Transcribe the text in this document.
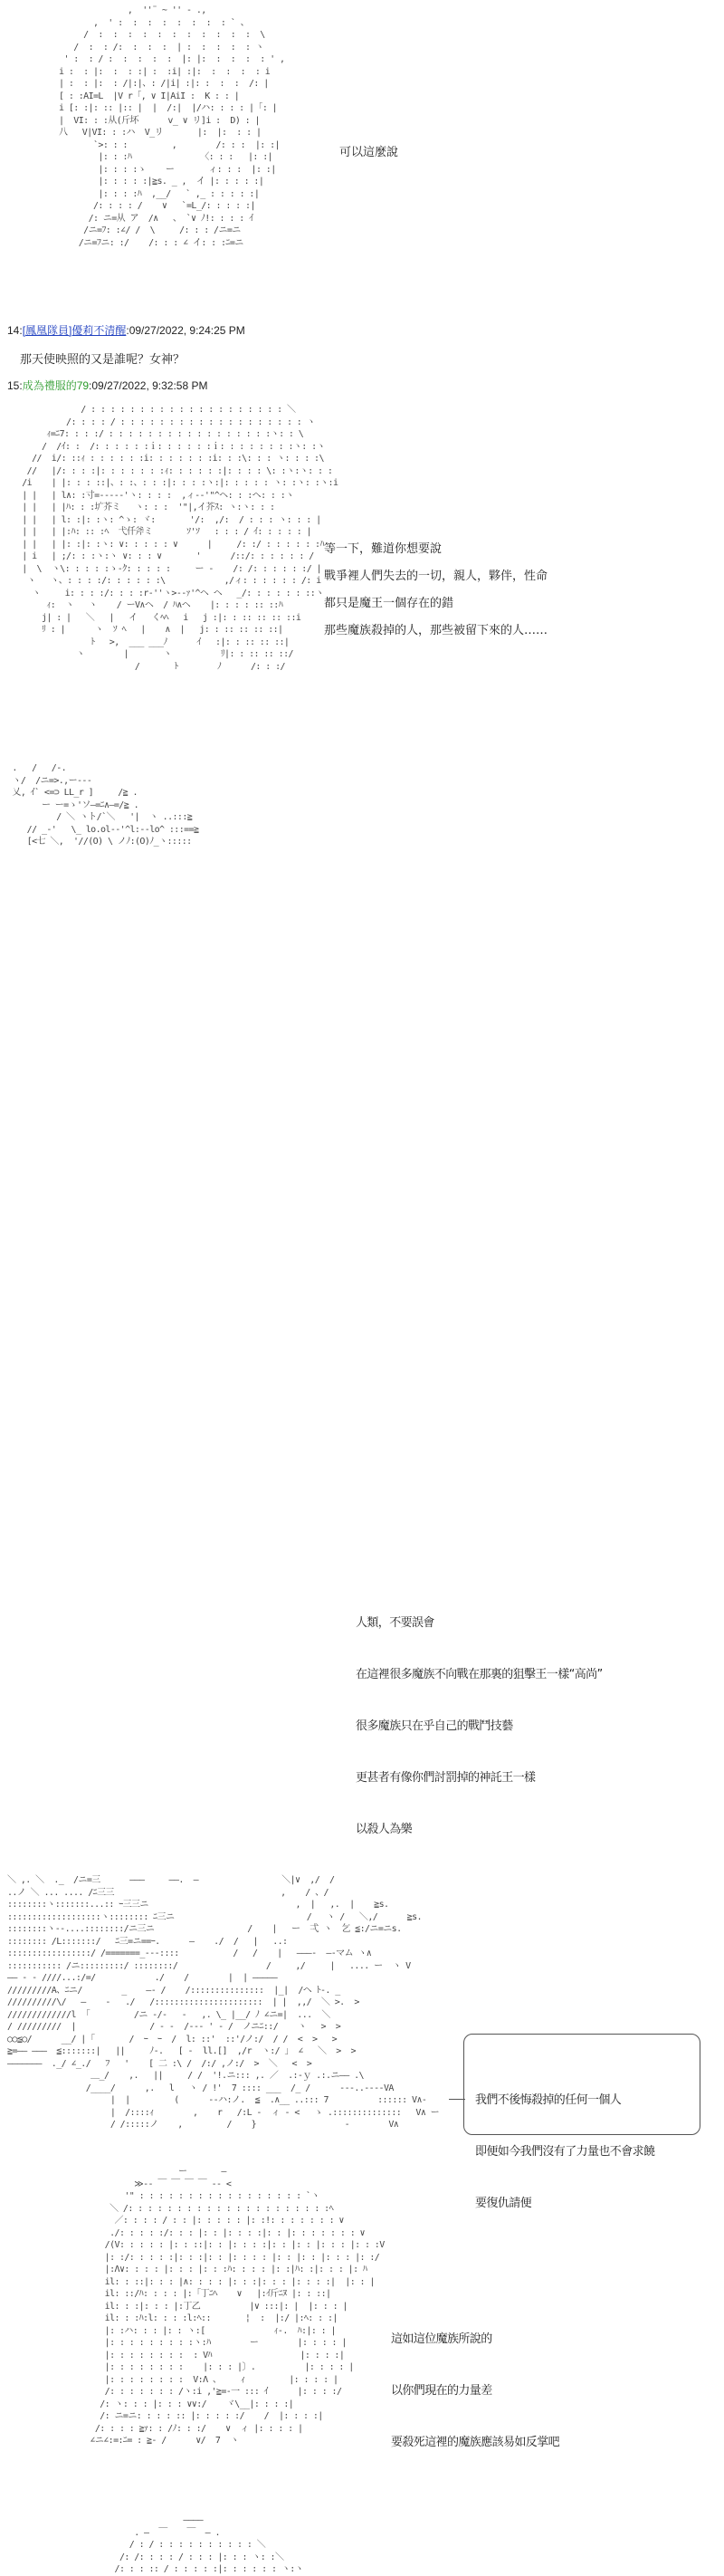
,  ''¨ ~ '' - .,
,  ' :  :  :  :  :  :  :  : ` 、
/  :  :  :  :  :  :  :  :  :  :  :  \
/  :  : /:  :  :  :  | :  :  :  :  : ヽ
' :  : / :  :  :  :  :  |: |:  :  :  :  : ' ,
i :  : |:  :  : :| :  :i| :|:  :  :  :  : i
| :  : |:  : /|:|、: /|i| :|: :  :  :  /: |
[ : :AI=L  |V r「, ∨ I|AiI :  K : : |
i [: :|: :: |:: |  |  /:|  |/ハ: : : : |「: |
|  VI: : :从(斤坏      v_ ∨ リ]i :  D) : |
八   V|VI: : :ハ  V_リ       |:  |:  : : |
`>: : :         ,        /: : :  |: :|
|: : :ﾊ              〈: : :   |: :|
|: : : :ゝ    ー       ィ: : :  |: :|
|: : : : :|≧s. _ ,  イ |: : : : :|
|: : : :ﾊ  ,__/   ` ,_ : : : : :|
/: : : : /    ∨   `=L_/: : : : :|
/: ニ=从 ア  /∧   、 `∨ ﾉ!: : : : ｲ
/ニ=ﾌ: :∠/ /  \     /: : : /ニ=ニ
/ニ=ﾌニ: :/    /: : : ∠ イ: : :ﾆ=ニ
可以這麼說
14:[鳳凰隊員]優莉不清醒:09/27/2022, 9:24:25 PM
那天使映照的又是誰呢？女神？
15:成為禮服的79:09/27/2022, 9:32:58 PM
/ : : : : : : : : : : : : : : : : : : : : ＼
/: : : : / : : : : : : : : : : : : : : : : : : : ヽ
ｨ=ﾆ7: : : :/ : : : : : : : : : : : : : : : : :ヽ: : \
/  /ｲ: :  /: : : : : :ｉ: : : : : :ｉ: : : : : : : :ヽ: :ヽ
//  i/: ::ｨ : : : : : :i: : : : : : :i: : :\: : : ヽ: : : :\
//   |/: : : :|: : : : : : :ｨ: : : : : :|: : : : \: :ヽ:ヽ: : :
/i    | |: : : ::|、: :、: : :|: : : :ヽ:|: : : : : ヽ: :ヽ: :ヽ:i
| |   | l∧: :寸=---‐‐'ヽ: : : :  ,ィ‐‐'"^ヘ: : :ヘ: : :ヽ
| |   | |ﾊ: : :圹芥ミ   ヽ: : :  '"|,イ芥ｽ: ヽ:ヽ: : :
| |   | l: :|: :ヽ: ^ゝ: ヾ:       '/:  ,/:  / : : : ヽ: : : |
| |   | |:ﾊ: :: :ﾍ  弋仟斧ミ       ｿ'ｿ   : : : / ｲ: : : : : |
| |   | |: :|: :ヽ: ∨: : : : : ∨      |     /: :/ : : : : : :ﾊ
| i   | ;/: : :ヽ:ヽ ∨: : : ∨       '      /::/: : : : : : /
|  \  ヽ\: : : : :ゝ-ｸ: : : : :     ー ‐    /: /: : : : : :/ |
ヽ   ヽ、: : : :/: : : : : :\            ,/ィ: : : : : : /: i
ヽ     i: : : :/: : : :r‐''ヽ>--ｧ'^ヘ ヘ   _/: : : : : : ::ヽ
ｨ:  ヽ   ヽ    / ーV∧ヘ  / ﾊ∧ヘ    |: : : : :: ::ﾊ
j| : |   ＼   |   イ   くﾍﾍ   i   j :|: : :: :: :: ::i
ﾘ : |      ヽ  ｿ ﾍ   |    ∧  |   j: : :: :: :: ::|
ﾄ   >,  ___ ___ﾉ      ｲ   :|: : :: :: ::|
ヽ        |       ヽ          ﾘ|: : :: :: ::/
/       ﾄ        ﾉ      /: : :/
等一下，難道你想要說
戰爭裡人們失去的一切，親人，夥伴，性命
都只是魔王一個存在的錯
那些魔族殺掉的人，那些被留下來的人……
.   /   /-.
ヽ/  /ニ=>.,ー‐‐-
乂, ｲ` <=⊃ LL_r ]     /≧ .
ー ー=ゝ'ソ―=ﾆ∧―=/≧ .
/ ＼ ヽト/`＼   '|  ヽ ..:::≧
// _-'   \_ lo.ol--'^l:--lo^ :::==≧
[<七 ＼,  '//(O) \ ノﾉ:(O)ﾉ_ヽ:::::

人類，不要誤會

在這裡很多魔族不向戰在那裏的狙擊王一樣“高尚”

很多魔族只在乎自己的戰鬥技藝

更甚者有像你們討罰掉的神託王一樣

以殺人為樂

＼ ,. ＼  ._  /ニ=三      ―――     ――.  ―                 ＼|∨  ,/  /
..ノ ＼ ... .... /ﾆ三三                                  ,    / 、/
::::::::ヽ:::::::...:: ｰ三三ニ                              ,  |   ,.  |    ≧s.
:::::::::::::::::::ヽ:::::::: ﾆ三ニ                           /   ヽ /   ＼,/      ≧s.
::::::::ヽ--....::::::::/ニ三ニ                   /    |   ー  弌 ヽ  乞 ≦:/ニ=ニs.
:::::::: /L:::::::/   ﾆ三=ニ==ｰ.      ―    ./  /   |   ..:
:::::::::::::::::/ /=======_---::::           /   /    |   ―――‐  ―‐マム ヽ∧
::::::::::: /ニ:::::::::/ ::::::::/                  /     ,/     |   .... ー  ヽ V
―― ‐ ‐ ////...:/=/            ./    /        |  | ―――――
/////////A、ﾆニ/        _    ―‐ /    /:::::::::::::::  |_|  /ヘ ﾄ-. _
//////////\/   ―    ‐   ./   /::::::::::::::::::::::  | |  ,,/  ＼ >.  >
/////////////l  ｢         /ニ ‐/-   ‐   ,. \_ |__/ ﾉ ∠ニ=|  ...  ＼
/ /////////  |               / - -  /--- ' ‐ /  ノニﾆ::/    ヽ   >  >
○○≦○/      __/ | ｢       /  ｰ  ｰ  /  l: ::'  ::'/ノ:/  / /  <  >   >
≧=―― ―――  ≦:::::::|   ||     ﾉ-.   [ -  ll.[]  ,/r  ヽ:/ 」 ∠   ＼  >  >
―――――――  ._/ ∠_./   ﾌ   '    [ 二 :\ /  /:/ ,ノ:/  >  ＼   <  >
＿_/    ,.   ||     / /  '!.ニ::: ,. ／  .:‐ｙ .:.ニ―― .\
/____/      ,.   l   ヽ / !'  7 :::: ___  /_ /      ---..----VA
|  |         (      --ハ:ノ.  ≦  .∧__ ..::: 7          :::::: V∧-
|  /::::ｨ        ,    r   /:L ‐  ィ ‐ <   ゝ .::::::::::::::   V∧ ー
/ /:::::ノ    ,         /    }                  ‐        V∧

我們不後悔殺掉的任何一個人

即便如今我們沒有了力量也不會求饒

要復仇請便

ー       ―
≫-‐ ￣ ￣ ￣ ￣ ‐‐ <
'" : : : : : : : : : : : : : : : : : `ヽ
＼ /: : : : : : : : : : : : : : : : : : : : :ﾍ
／: : : : / : : |: : : : : |: :!: : : : : : : ∨
./: : : : :/: : : |: : |: : : :|: : |: : : : : : : ∨
/(V: : : : : |: : ::|: : |: : : :|: : |: : |: : : |: : :V
|: :/: : : : :|: : :|: : |: : : : |: : |: : |: : : |: :/
|:Λ∨: : : : |: : : |: : :ﾊ: : : : |: :|ﾊ: :|: : : |: ﾊ
il: : ::|: : : |∧: : : : |: : :|: : : |: : : :|  |: : |
il: ::/ﾊ: : : : |:「丁ﾆﾍ    ∨   |:ｲ斤ﾆﾇ |: : ::|
il: : :|: : : |:丁乙          |∨ :::|: |  |: : : |
il: : :ﾊ:l: : : :l:ﾍ::       ¦  :  |:/ |:ﾍ: : :|
|: :ハ: : : |: : ヽ:[              ｨ‐.  ﾊ:|: : |
|: : : : : : : : :ヽ:ﾊ        ー        |: : : : |
|: : : : : : : :  : Vﾊ                  |: : : :|
|: : : : : : : :    |: : : |〕.          |: : : : |
|: : : : : : : :  V:Λ 、    ｨ         |: : : : |
/: : : : : : : /ヽ:i ,'≧=-一 ::: ｲ      |: : : :/
/: ヽ: : : |: : : ∨∨:/    ヾ\__|: : : :|
/: ニ=ニ: : : : :: |: : : : :/    /  |: : : :|
/: : : : ≧ｧ: : /ﾉ: : :/    ∨  ィ |: : : : |
∠ニ∠:=:ﾆ= : ≧‐ /      ∨/  7  ヽ

這如這位魔族所說的

以你們現在的力量差

要殺死這裡的魔族應該易如反掌吧

――――
. ―  ￣    ￣  ― .
/ : / : : : : : : : : : : ＼
/: /: : : : / : : : |: : : ヽ: :＼
/: : : :: / : : : : :|: : : : : : ヽ:ヽ
